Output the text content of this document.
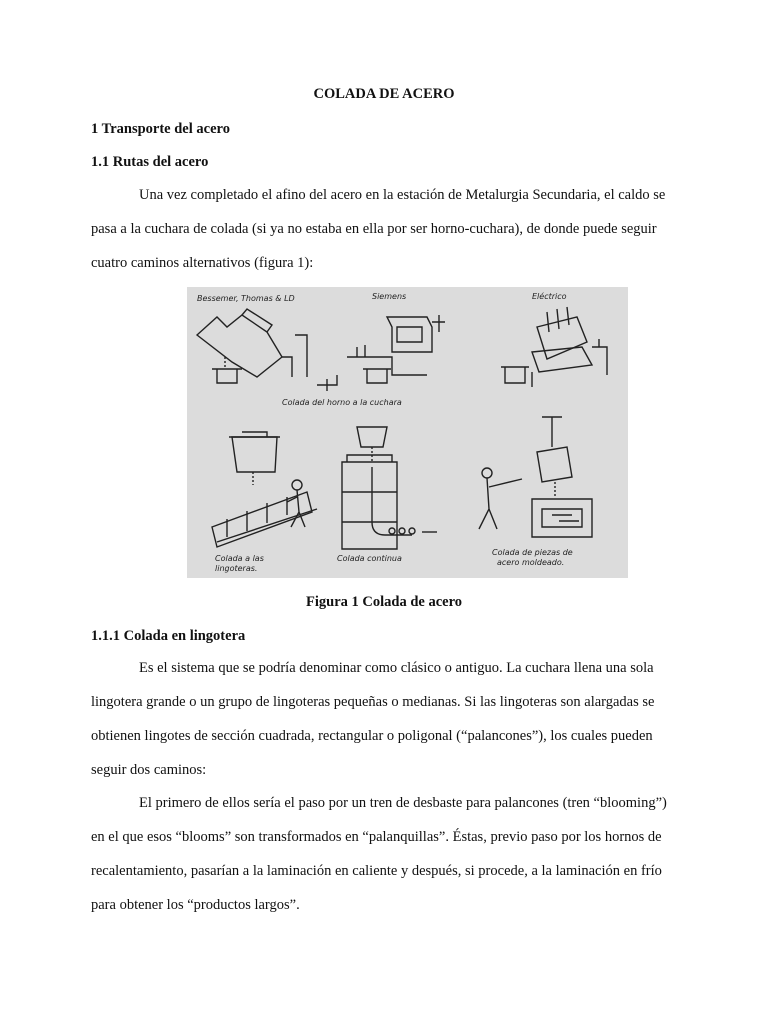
COLADA DE ACERO
1 Transporte del acero
1.1 Rutas del acero

Una vez completado el afino del acero en la estación de Metalurgia Secundaria, el caldo se pasa a la cuchara de colada (si ya no estaba en ella por ser horno-cuchara), de donde puede seguir cuatro caminos alternativos (figura 1):

Bessemer, Thomas & LD	Siemens	Eléctrico
Colada del horno a la cuchara
Colada a las
lingoteras.
Colada continua
Colada de piezas de
acero moldeado.
Figura 1 Colada de acero
1.1.1 Colada en lingotera

Es el sistema que se podría denominar como clásico o antiguo. La cuchara llena una sola lingotera grande o un grupo de lingoteras pequeñas o medianas. Si las lingoteras son alargadas se obtienen lingotes de sección cuadrada, rectangular o poligonal (“palancones”), los cuales pueden seguir dos caminos:

El primero de ellos sería el paso por un tren de desbaste para palancones (tren “blooming”) en el que esos “blooms” son transformados en “palanquillas”. Éstas, previo paso por los hornos de recalentamiento, pasarían a la laminación en caliente y después, si procede, a la laminación en frío para obtener los “productos largos”.
